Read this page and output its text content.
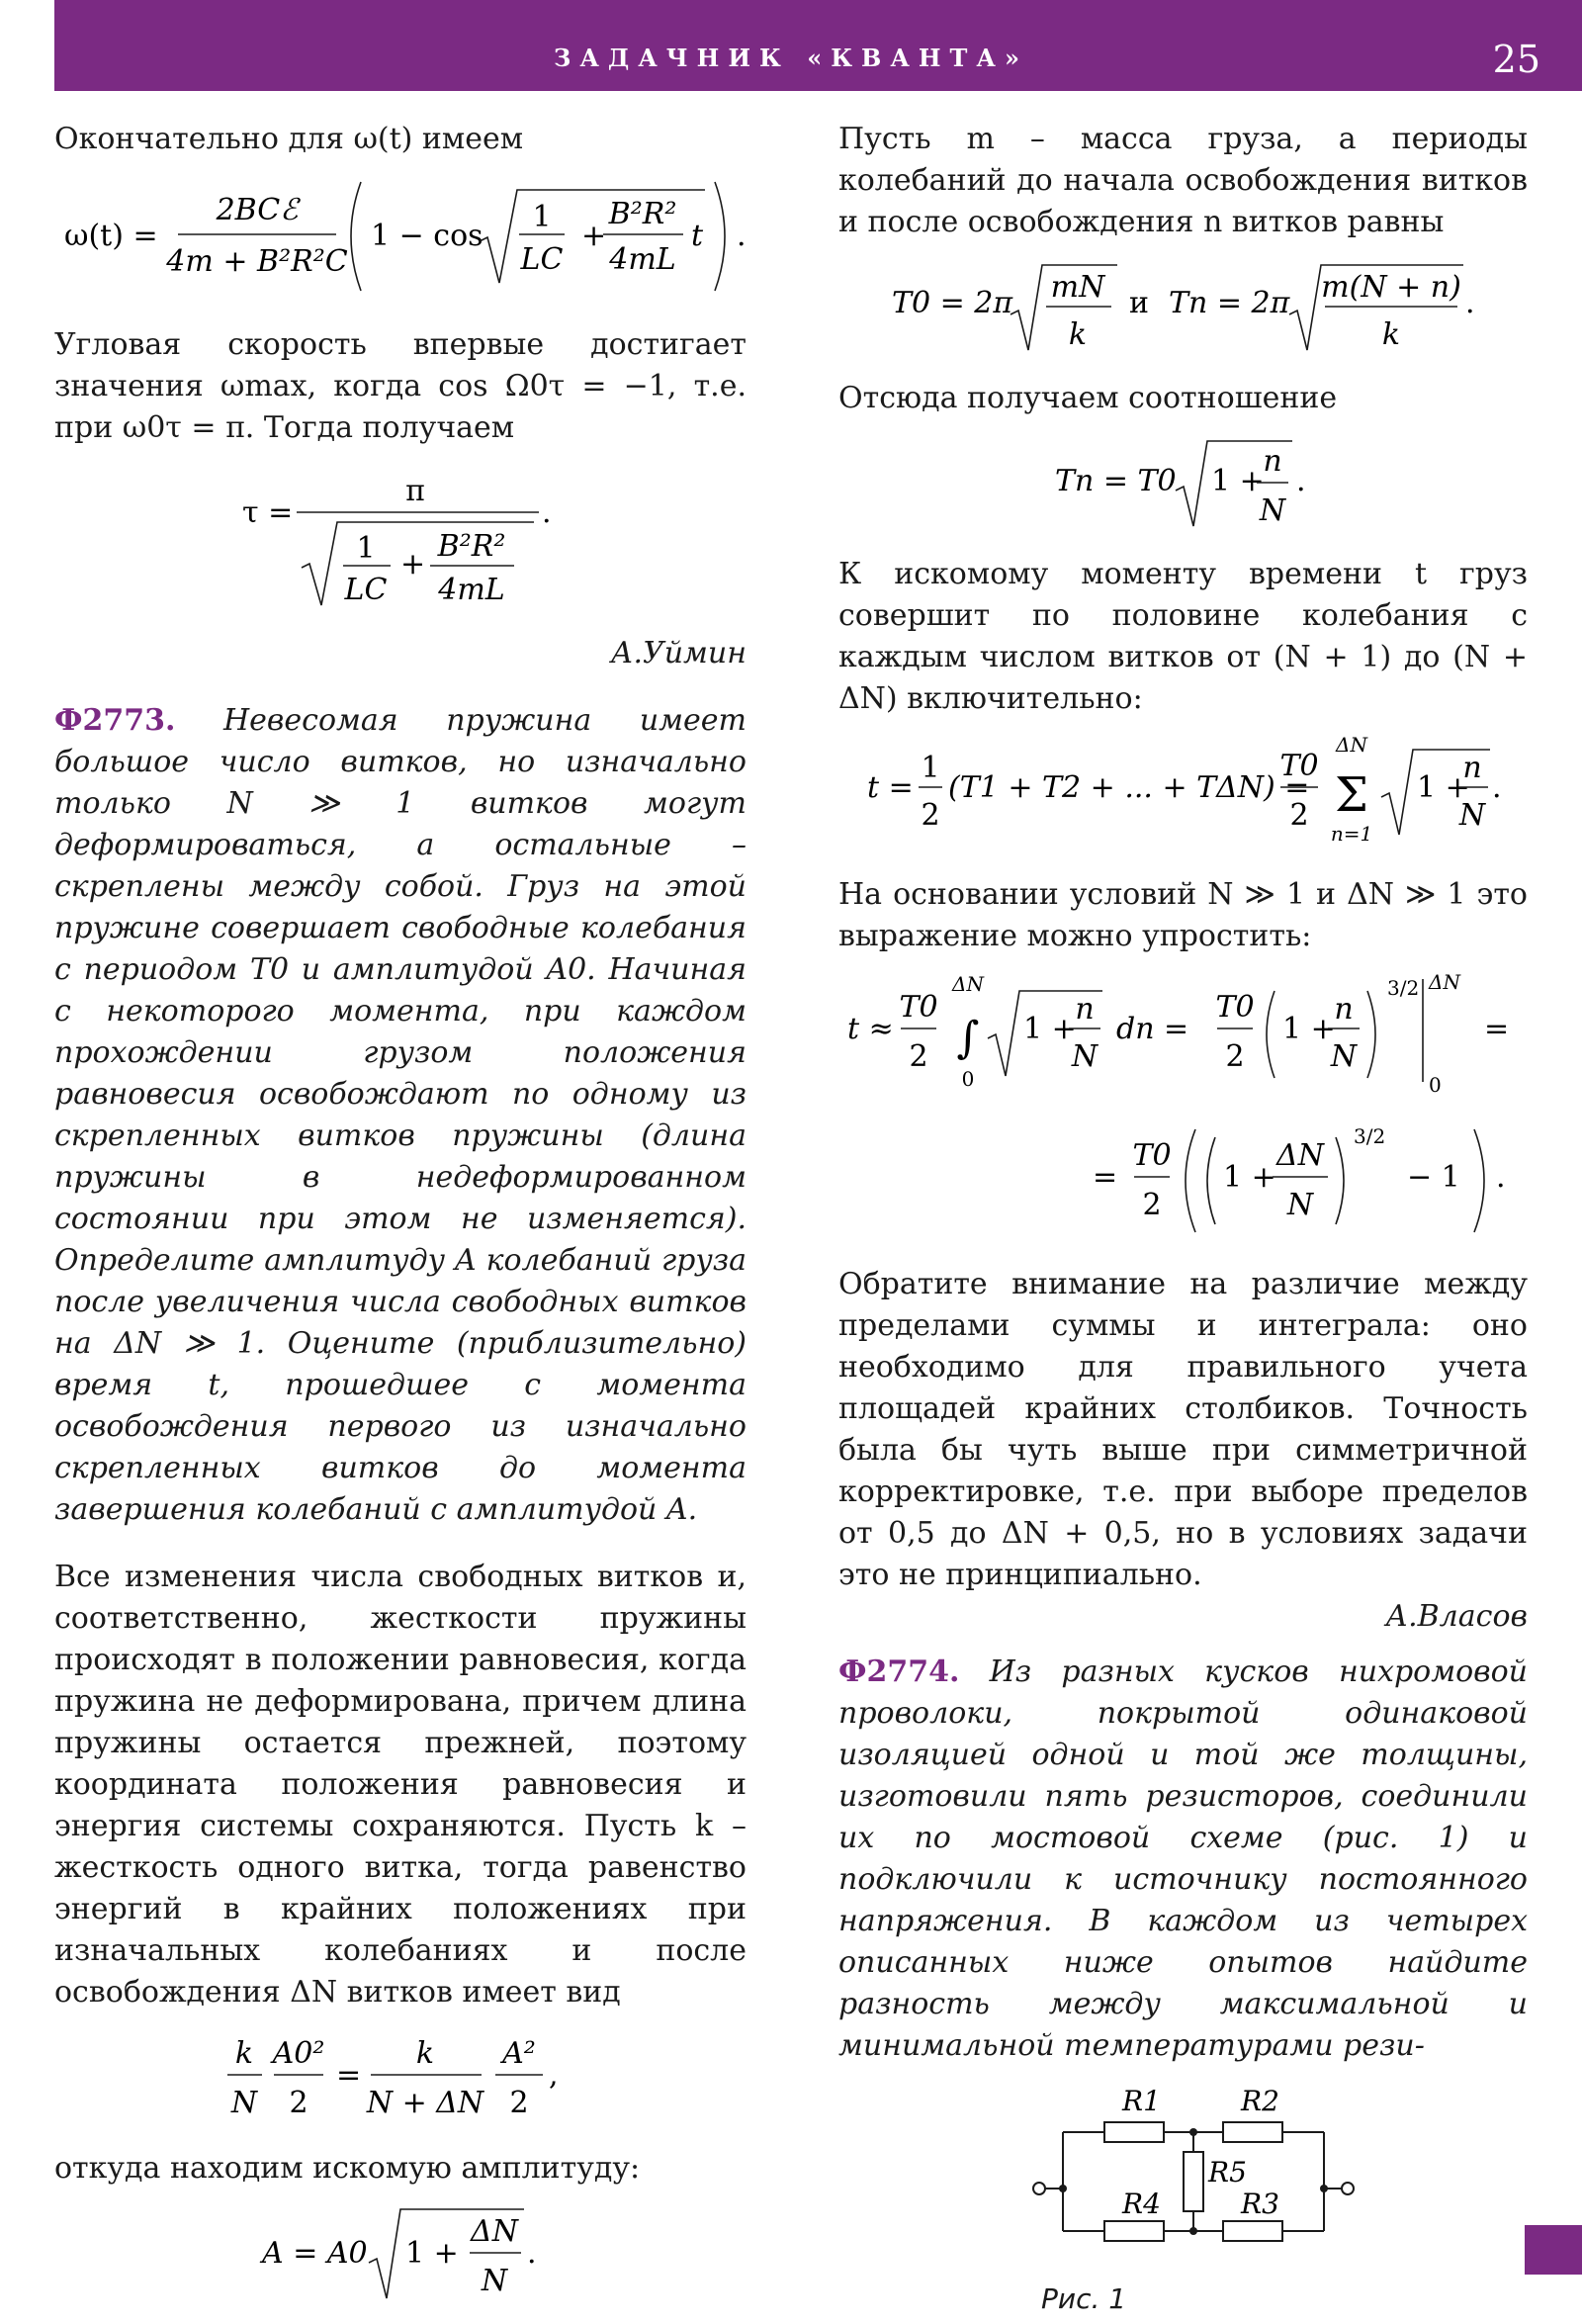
ЗАДАЧНИК «КВАНТА»	25

Окончательно для ω(t) имеем

ω(t) =
2BCℰ
4m + B²R²C
1 − cos
1
LC
+
B²R²
4mL
t .

Угловая скорость впервые достигает значения ωmax, когда cos Ω0τ = −1, т.е. при ω0τ = π. Тогда получаем

τ =
π
1
LC
+
B²R²
4mL
.

А.Уймин

Ф2773. Невесомая пружина имеет большое число витков, но изначально только N ≫ 1 витков могут деформироваться, а остальные – скреплены между собой. Груз на этой пружине совершает свободные колебания с периодом T0 и амплитудой A0. Начиная с некоторого момента, при каждом прохождении грузом положения равновесия освобождают по одному из скрепленных витков пружины (длина пружины в недеформированном состоянии при этом не изменяется). Определите амплитуду A колебаний груза после увеличения числа свободных витков на ΔN ≫ 1. Оцените (приблизительно) время t, прошедшее с момента освобождения первого из изначально скрепленных витков до момента завершения колебаний с амплитудой A.

Все изменения числа свободных витков и, соответственно, жесткости пружины происходят в положении равновесия, когда пружина не деформирована, причем длина пружины остается прежней, поэтому координата положения равновесия и энергия системы сохраняются. Пусть k – жесткость одного витка, тогда равенство энергий в крайних положениях при изначальных колебаниях и после освобождения ΔN витков имеет вид

k
N
A0²
2
=
k
N + ΔN
A²
2
,

откуда находим искомую амплитуду:

A = A0 1 +
ΔN
N
.

Пусть m – масса груза, а периоды колебаний до начала освобождения витков и после освобождения n витков равны

T0 = 2π mN
k
и Tn = 2π m(N + n)
k
.

Отсюда получаем соотношение

Tn = T0 1 +
n
N
.

К искомому моменту времени t груз совершит по половине колебания с каждым числом витков от (N + 1) до (N + ΔN) включительно:

t =
1
2
(T1 + T2 + ... + TΔN) =
T0
2
ΔN
Σ
n=1
1 +
n
N
.

На основании условий N ≫ 1 и ΔN ≫ 1 это выражение можно упростить:

t ≈
T0
2
ΔN
∫
0
1 +
n
N
dn =
T0
2
1 +
n
N
3/2 ΔN
0
=
=
T0
2
1 +
ΔN
N
3/2
− 1 .

Обратите внимание на различие между пределами суммы и интеграла: оно необходимо для правильного учета площадей крайних столбиков. Точность была бы чуть выше при симметричной корректировке, т.е. при выборе пределов от 0,5 до ΔN + 0,5, но в условиях задачи это не принципиально.

А.Власов

Ф2774. Из разных кусков нихромовой проволоки, покрытой одинаковой изоляцией одной и той же толщины, изготовили пять резисторов, соединили их по мостовой схеме (рис. 1) и подключили к источнику постоянного напряжения. В каждом из четырех описанных ниже опытов найдите разность между максимальной и минимальной температурами рези-

R1	R2
R5
R4	R3
Рис. 1
